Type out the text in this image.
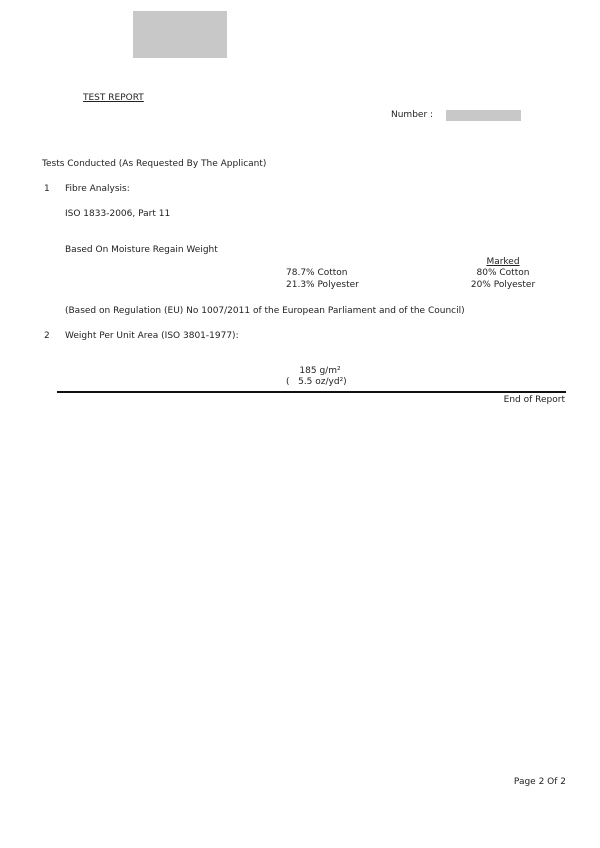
TEST REPORT
Number :
Tests Conducted (As Requested By The Applicant)
1 Fibre Analysis:
ISO 1833-2006, Part 11
Based On Moisture Regain Weight
Marked
78.7% Cotton
21.3% Polyester
80% Cotton
20% Polyester
(Based on Regulation (EU) No 1007/2011 of the European Parliament and of the Council)
2 Weight Per Unit Area (ISO 3801-1977):
185 g/m²
(   5.5 oz/yd²)
End of Report
Page 2 Of 2
